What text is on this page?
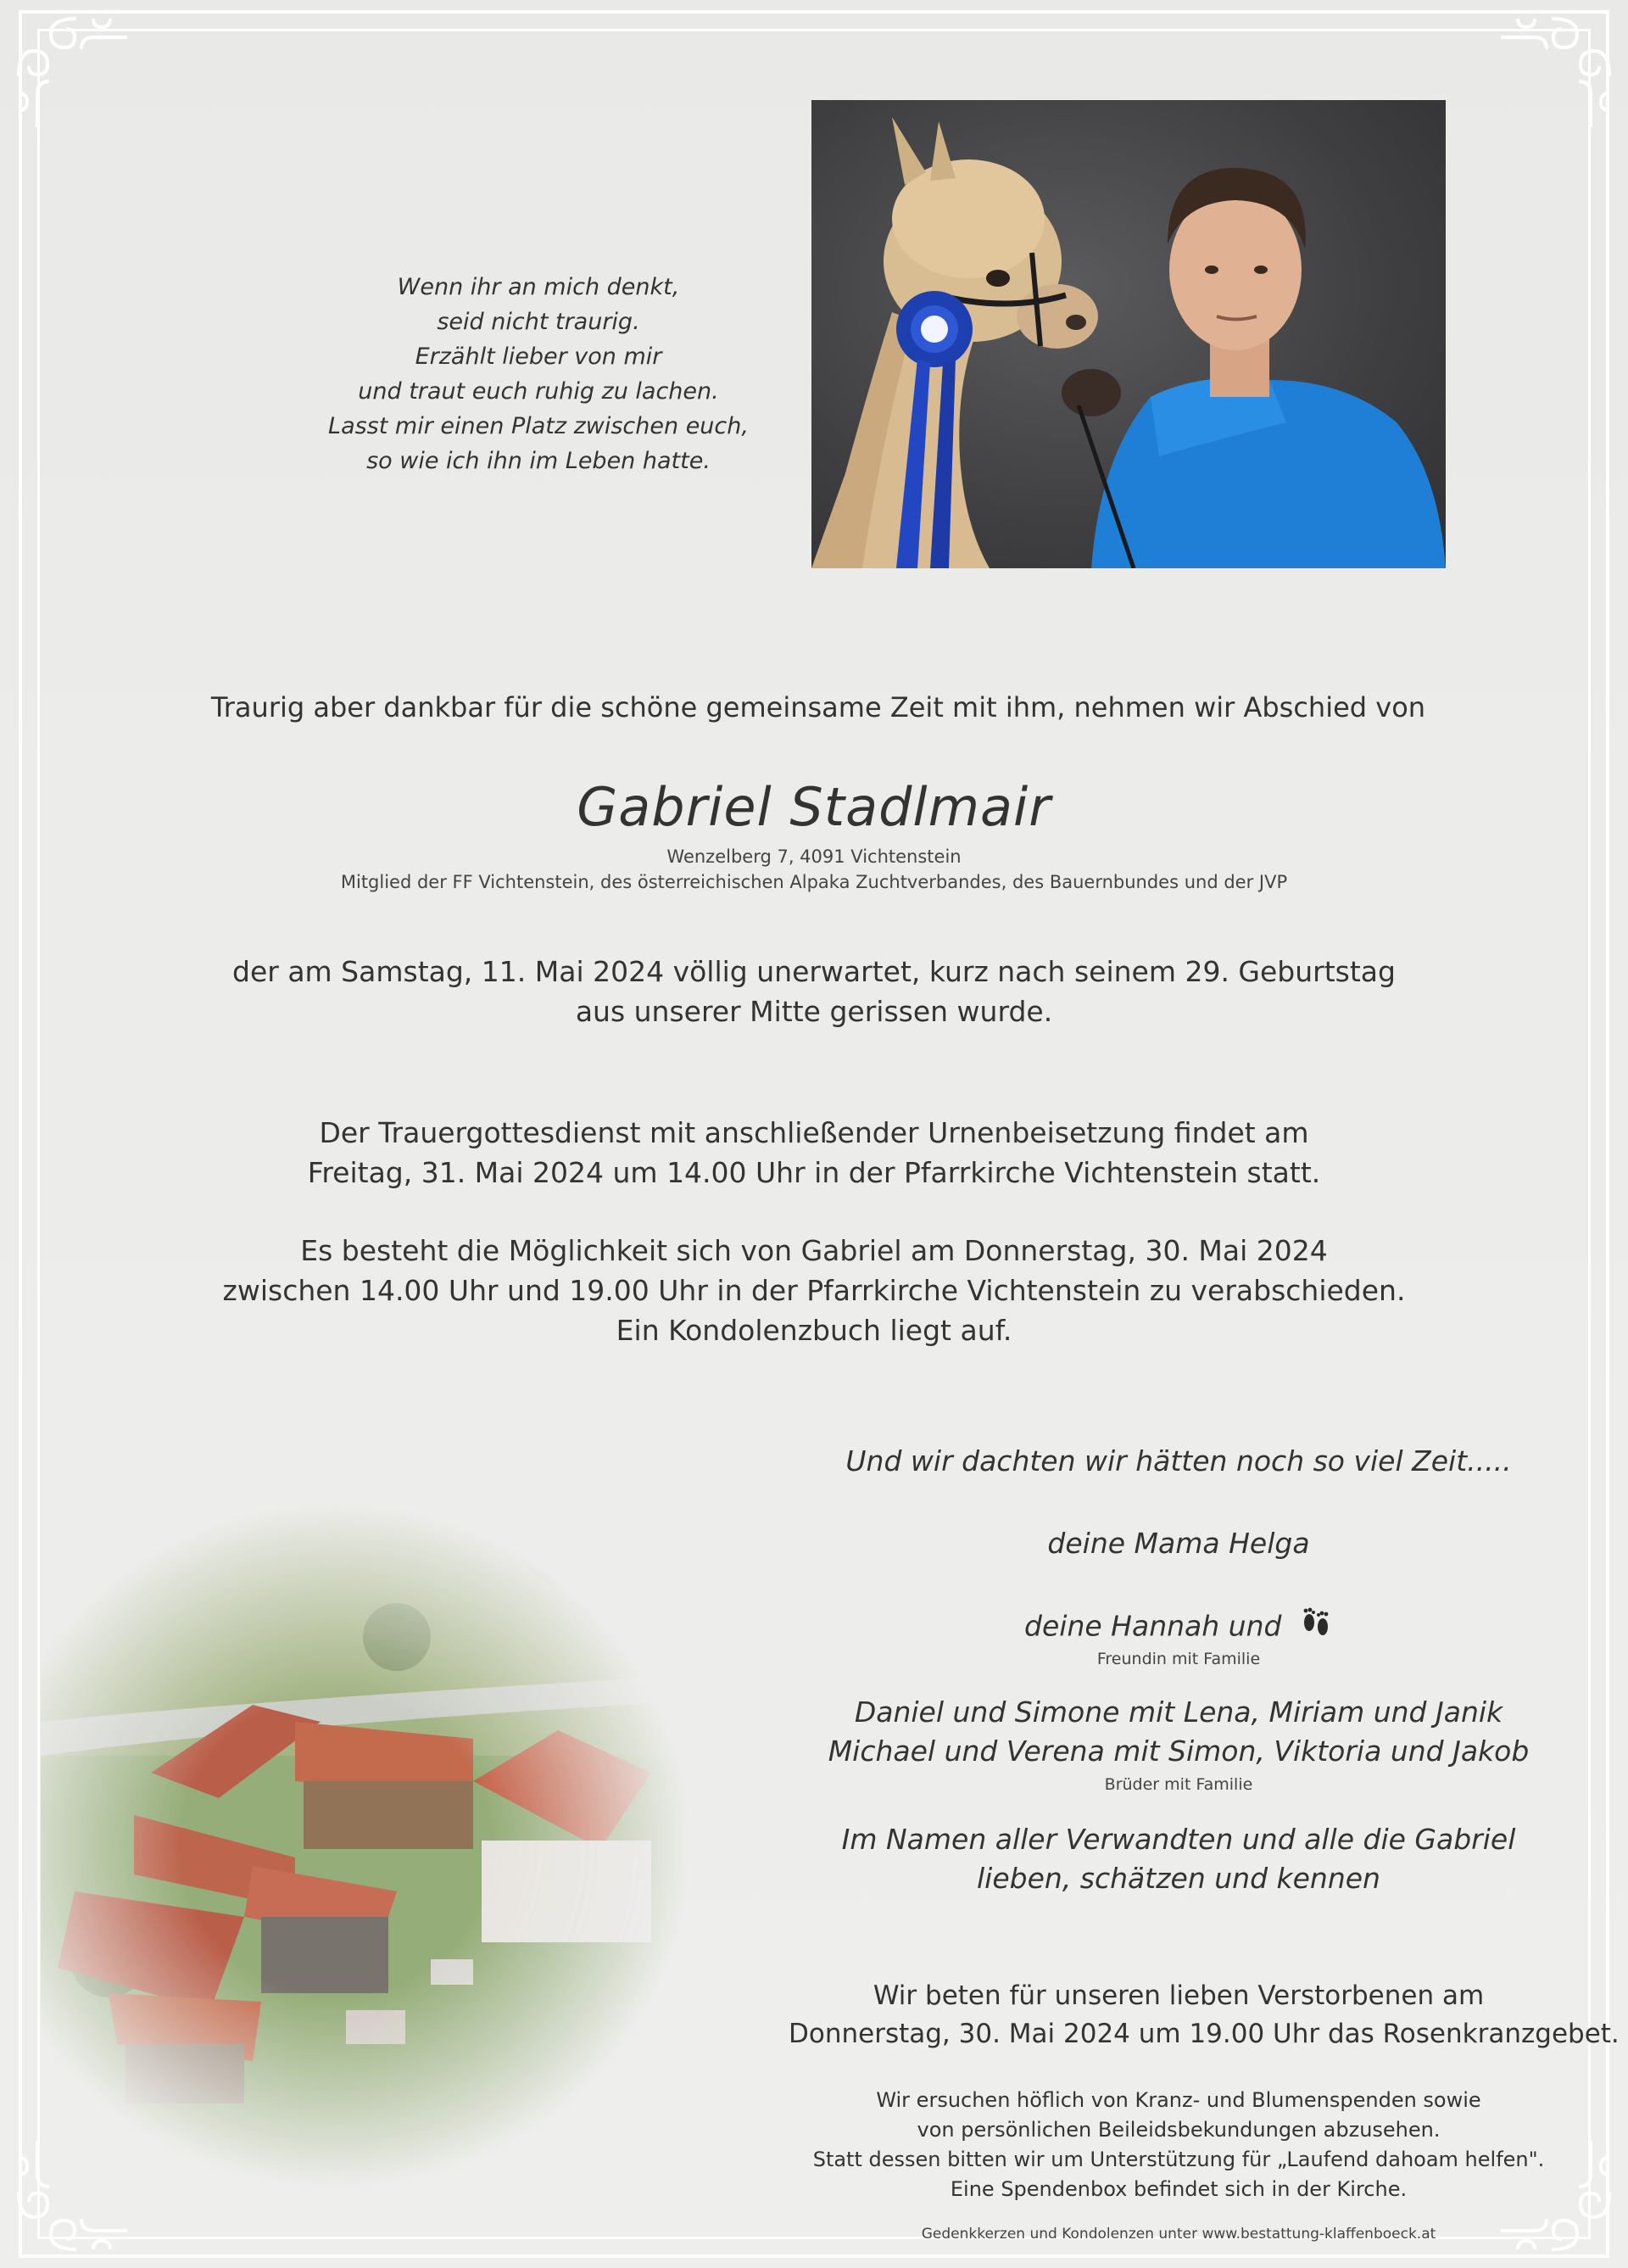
Wenn ihr an mich denkt,
seid nicht traurig.
Erzählt lieber von mir
und traut euch ruhig zu lachen.
Lasst mir einen Platz zwischen euch,
so wie ich ihn im Leben hatte.
Traurig aber dankbar für die schöne gemeinsame Zeit mit ihm, nehmen wir Abschied von
Gabriel Stadlmair
Wenzelberg 7, 4091 Vichtenstein
Mitglied der FF Vichtenstein, des österreichischen Alpaka Zuchtverbandes, des Bauernbundes und der JVP
der am Samstag, 11. Mai 2024 völlig unerwartet, kurz nach seinem 29. Geburtstag
aus unserer Mitte gerissen wurde.
Der Trauergottesdienst mit anschließender Urnenbeisetzung findet am
Freitag, 31. Mai 2024 um 14.00 Uhr in der Pfarrkirche Vichtenstein statt.
Es besteht die Möglichkeit sich von Gabriel am Donnerstag, 30. Mai 2024
zwischen 14.00 Uhr und 19.00 Uhr in der Pfarrkirche Vichtenstein zu verabschieden.
Ein Kondolenzbuch liegt auf.
Und wir dachten wir hätten noch so viel Zeit.....
deine Mama Helga
deine Hannah und
Freundin mit Familie
Daniel und Simone mit Lena, Miriam und Janik
Michael und Verena mit Simon, Viktoria und Jakob
Brüder mit Familie
Im Namen aller Verwandten und alle die Gabriel
lieben, schätzen und kennen
Wir beten für unseren lieben Verstorbenen am
Donnerstag, 30. Mai 2024 um 19.00 Uhr das Rosenkranzgebet.
Wir ersuchen höflich von Kranz- und Blumenspenden sowie
von persönlichen Beileidsbekundungen abzusehen.
Statt dessen bitten wir um Unterstützung für „Laufend dahoam helfen".
Eine Spendenbox befindet sich in der Kirche.
Gedenkkerzen und Kondolenzen unter www.bestattung-klaffenboeck.at
